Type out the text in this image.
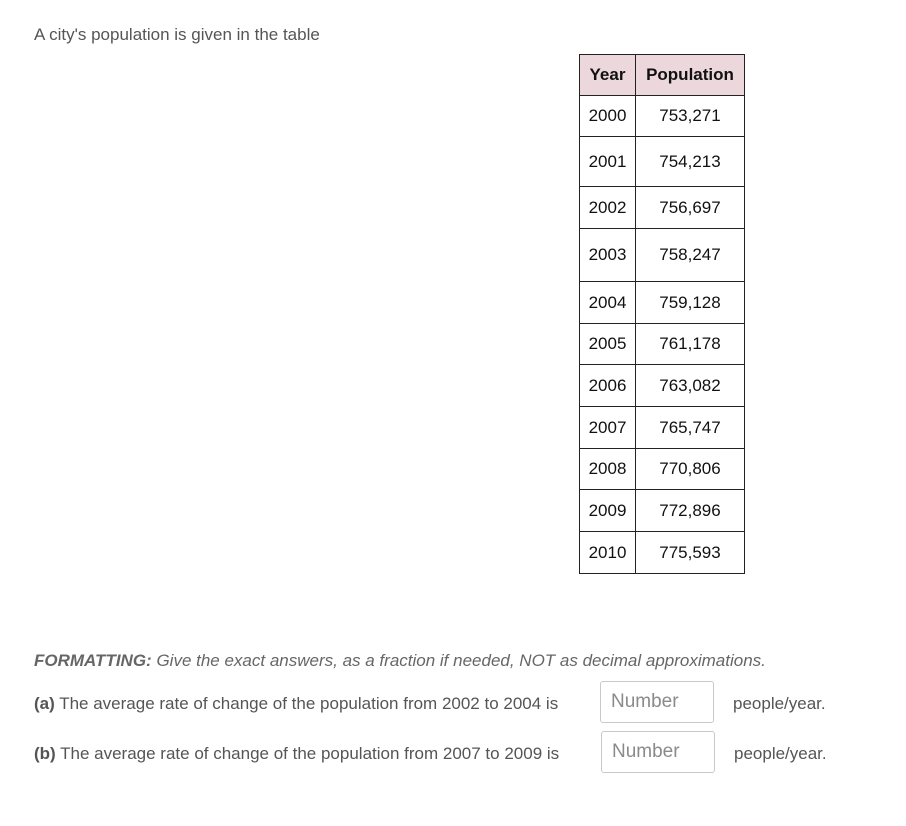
A city's population is given in the table
Year	Population
2000	753,271
2001	754,213
2002	756,697
2003	758,247
2004	759,128
2005	761,178
2006	763,082
2007	765,747
2008	770,806
2009	772,896
2010	775,593
FORMATTING: Give the exact answers, as a fraction if needed, NOT as decimal approximations.
(a) The average rate of change of the population from 2002 to 2004 is
Number	people/year.
(b) The average rate of change of the population from 2007 to 2009 is
Number	people/year.
